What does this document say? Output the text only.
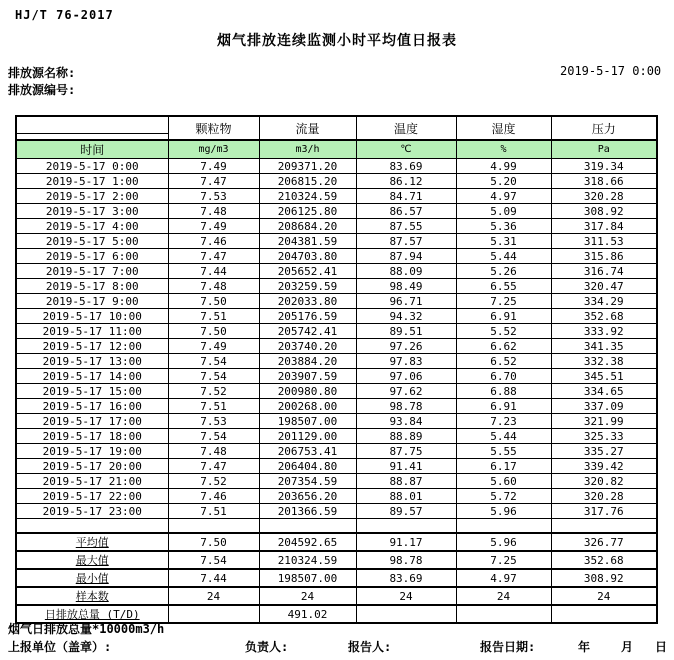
HJ/T 76-2017
烟气排放连续监测小时平均值日报表
排放源名称:
排放源编号:
2019-5-17 0:00
	颗粒物	流量	温度	湿度	压力
时间	mg/m3	m3/h	℃	%	Pa
2019-5-17 0:00	7.49	209371.20	83.69	4.99	319.34
2019-5-17 1:00	7.47	206815.20	86.12	5.20	318.66
2019-5-17 2:00	7.53	210324.59	84.71	4.97	320.28
2019-5-17 3:00	7.48	206125.80	86.57	5.09	308.92
2019-5-17 4:00	7.49	208684.20	87.55	5.36	317.84
2019-5-17 5:00	7.46	204381.59	87.57	5.31	311.53
2019-5-17 6:00	7.47	204703.80	87.94	5.44	315.86
2019-5-17 7:00	7.44	205652.41	88.09	5.26	316.74
2019-5-17 8:00	7.48	203259.59	98.49	6.55	320.47
2019-5-17 9:00	7.50	202033.80	96.71	7.25	334.29
2019-5-17 10:00	7.51	205176.59	94.32	6.91	352.68
2019-5-17 11:00	7.50	205742.41	89.51	5.52	333.92
2019-5-17 12:00	7.49	203740.20	97.26	6.62	341.35
2019-5-17 13:00	7.54	203884.20	97.83	6.52	332.38
2019-5-17 14:00	7.54	203907.59	97.06	6.70	345.51
2019-5-17 15:00	7.52	200980.80	97.62	6.88	334.65
2019-5-17 16:00	7.51	200268.00	98.78	6.91	337.09
2019-5-17 17:00	7.53	198507.00	93.84	7.23	321.99
2019-5-17 18:00	7.54	201129.00	88.89	5.44	325.33
2019-5-17 19:00	7.48	206753.41	87.75	5.55	335.27
2019-5-17 20:00	7.47	206404.80	91.41	6.17	339.42
2019-5-17 21:00	7.52	207354.59	88.87	5.60	320.82
2019-5-17 22:00	7.46	203656.20	88.01	5.72	320.28
2019-5-17 23:00	7.51	201366.59	89.57	5.96	317.76

平均值	7.50	204592.65	91.17	5.96	326.77
最大值	7.54	210324.59	98.78	7.25	352.68
最小值	7.44	198507.00	83.69	4.97	308.92
样本数	24	24	24	24	24
日排放总量 (T/D)		491.02			
烟气日排放总量*10000m3/h
上报单位（盖章）:	负责人:	报告人:	报告日期:	年	月 日
